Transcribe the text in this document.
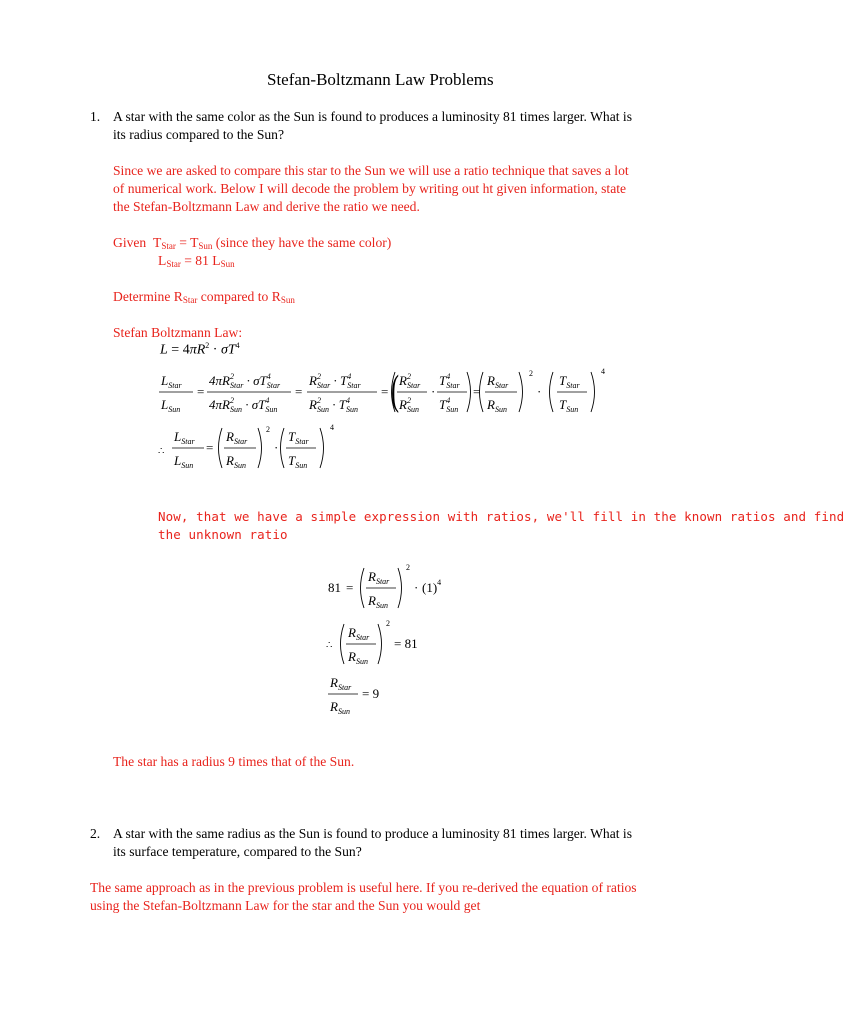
Stefan-Boltzmann Law Problems
1. A star with the same color as the Sun is found to produces a luminosity 81 times larger. What is
its radius compared to the Sun?
Since we are asked to compare this star to the Sun we will use a ratio technique that saves a lot
of numerical work. Below I will decode the problem by writing out ht given information, state
the Stefan-Boltzmann Law and derive the ratio we need.
Given $T_{Star} = T_{Sun}$ (since they have the same color)
$L_{Star} = 81$ $L_{Sun}$
Determine $R_{Star}$ compared to $R_{Sun}$
Stefan Boltzmann Law:
$L = 4\pi R^2 \cdot \sigma T^4$
$L_{Star}$
$L_{Sun}$
=
$4\pi R^2$ Star · $\sigma T^4$ Star
$4\pi R^2$ Sun · $\sigma T^4$ Sun
=
$R^2$ Star · $T^4$ Star
$R^2$ Sun · $T^4$ Sun
= ( $R^2$ Star
$R^2$ Sun
·
$T^4$ Star
$T^4$ Sun
=
$R_{Star}$
$R_{Sun}$
2
·
$T_{Star}$
$T_{Sun}$
4
∴
$L_{Star}$
$L_{Sun}$
=
$R_{Star}$
$R_{Sun}$
2
·
$T_{Star}$
$T_{Sun}$
4
Now, that we have a simple expression with ratios, we'll fill in the known ratios and find
the unknown ratio
81 =
$R_{Star}$
$R_{Sun}$
2
· $(1)^4$
∴
$R_{Star}$
$R_{Sun}$
2
= 81
$R_{Star}$
$R_{Sun}$
= 9
The star has a radius 9 times that of the Sun.
2. A star with the same radius as the Sun is found to produce a luminosity 81 times larger. What is
its surface temperature, compared to the Sun?
The same approach as in the previous problem is useful here. If you re-derived the equation of ratios
using the Stefan-Boltzmann Law for the star and the Sun you would get
